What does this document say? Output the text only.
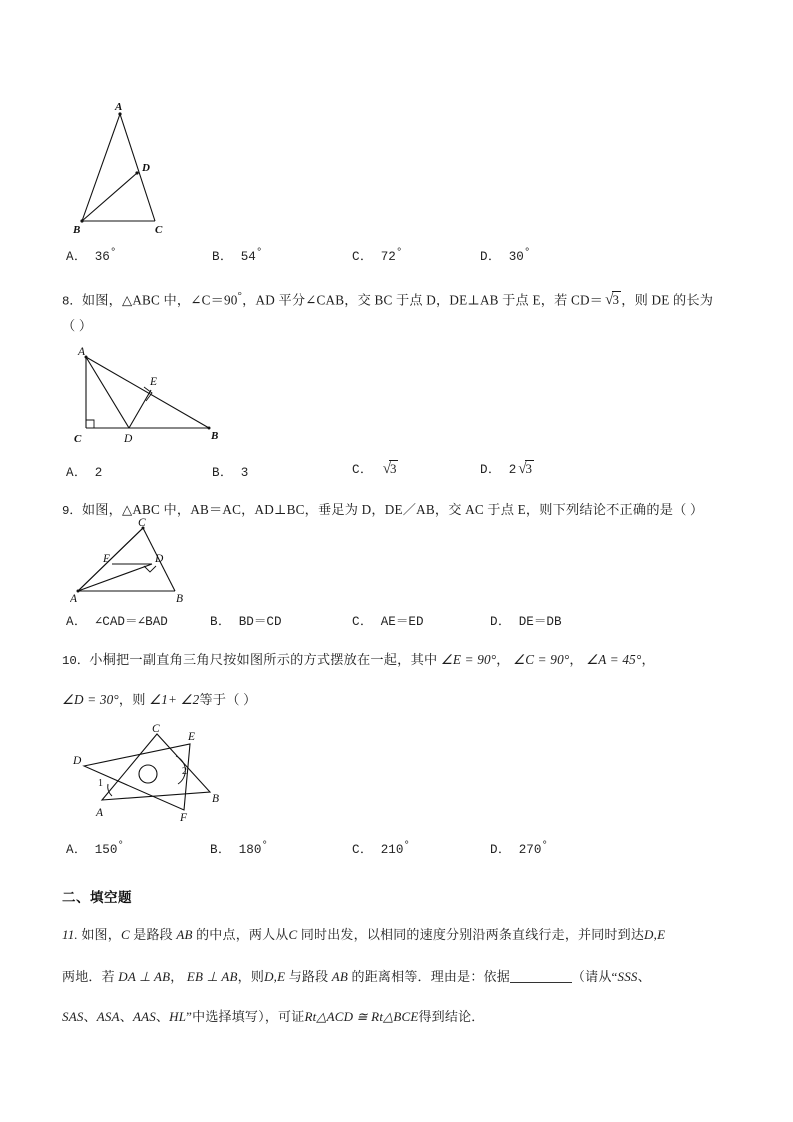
A
D
B	C
A． 36°	B． 54°	C． 72°	D． 30°
8．如图，△ABC 中，∠C＝90°，AD 平分∠CAB，交 BC 于点 D，DE⊥AB 于点 E，若 CD＝ √3 ，则 DE 的长为
（ ）
A
E
C	D	B
A． 2	B． 3	C． √3	D． 2 √3
9．如图，△ABC 中，AB＝AC，AD⊥BC，垂足为 D，DE／AB，交 AC 于点 E，则下列结论不正确的是（ ）
C
E	D
A	B
A． ∠CAD＝∠BAD	B． BD＝CD	C． AE＝ED	D． DE＝DB
10．小桐把一副直角三角尺按如图所示的方式摆放在一起，其中 ∠E = 90°， ∠C = 90°， ∠A = 45°，
∠D = 30°，则 ∠1+ ∠2等于（ ）
C
E
D
1
2
A
B
F
A． 150°	B． 180°	C． 210°	D． 270°
二、填空题
11. 如图，C 是路段 AB 的中点，两人从C 同时出发，以相同的速度分别沿两条直线行走，并同时到达D,E
两地．若 DA ⊥ AB， EB ⊥ AB，则D,E 与路段 AB 的距离相等．理由是：依据	（请从“SSS、
SAS、ASA、AAS、HL”中选择填写），可证Rt△ACD ≅ Rt△BCE得到结论．
